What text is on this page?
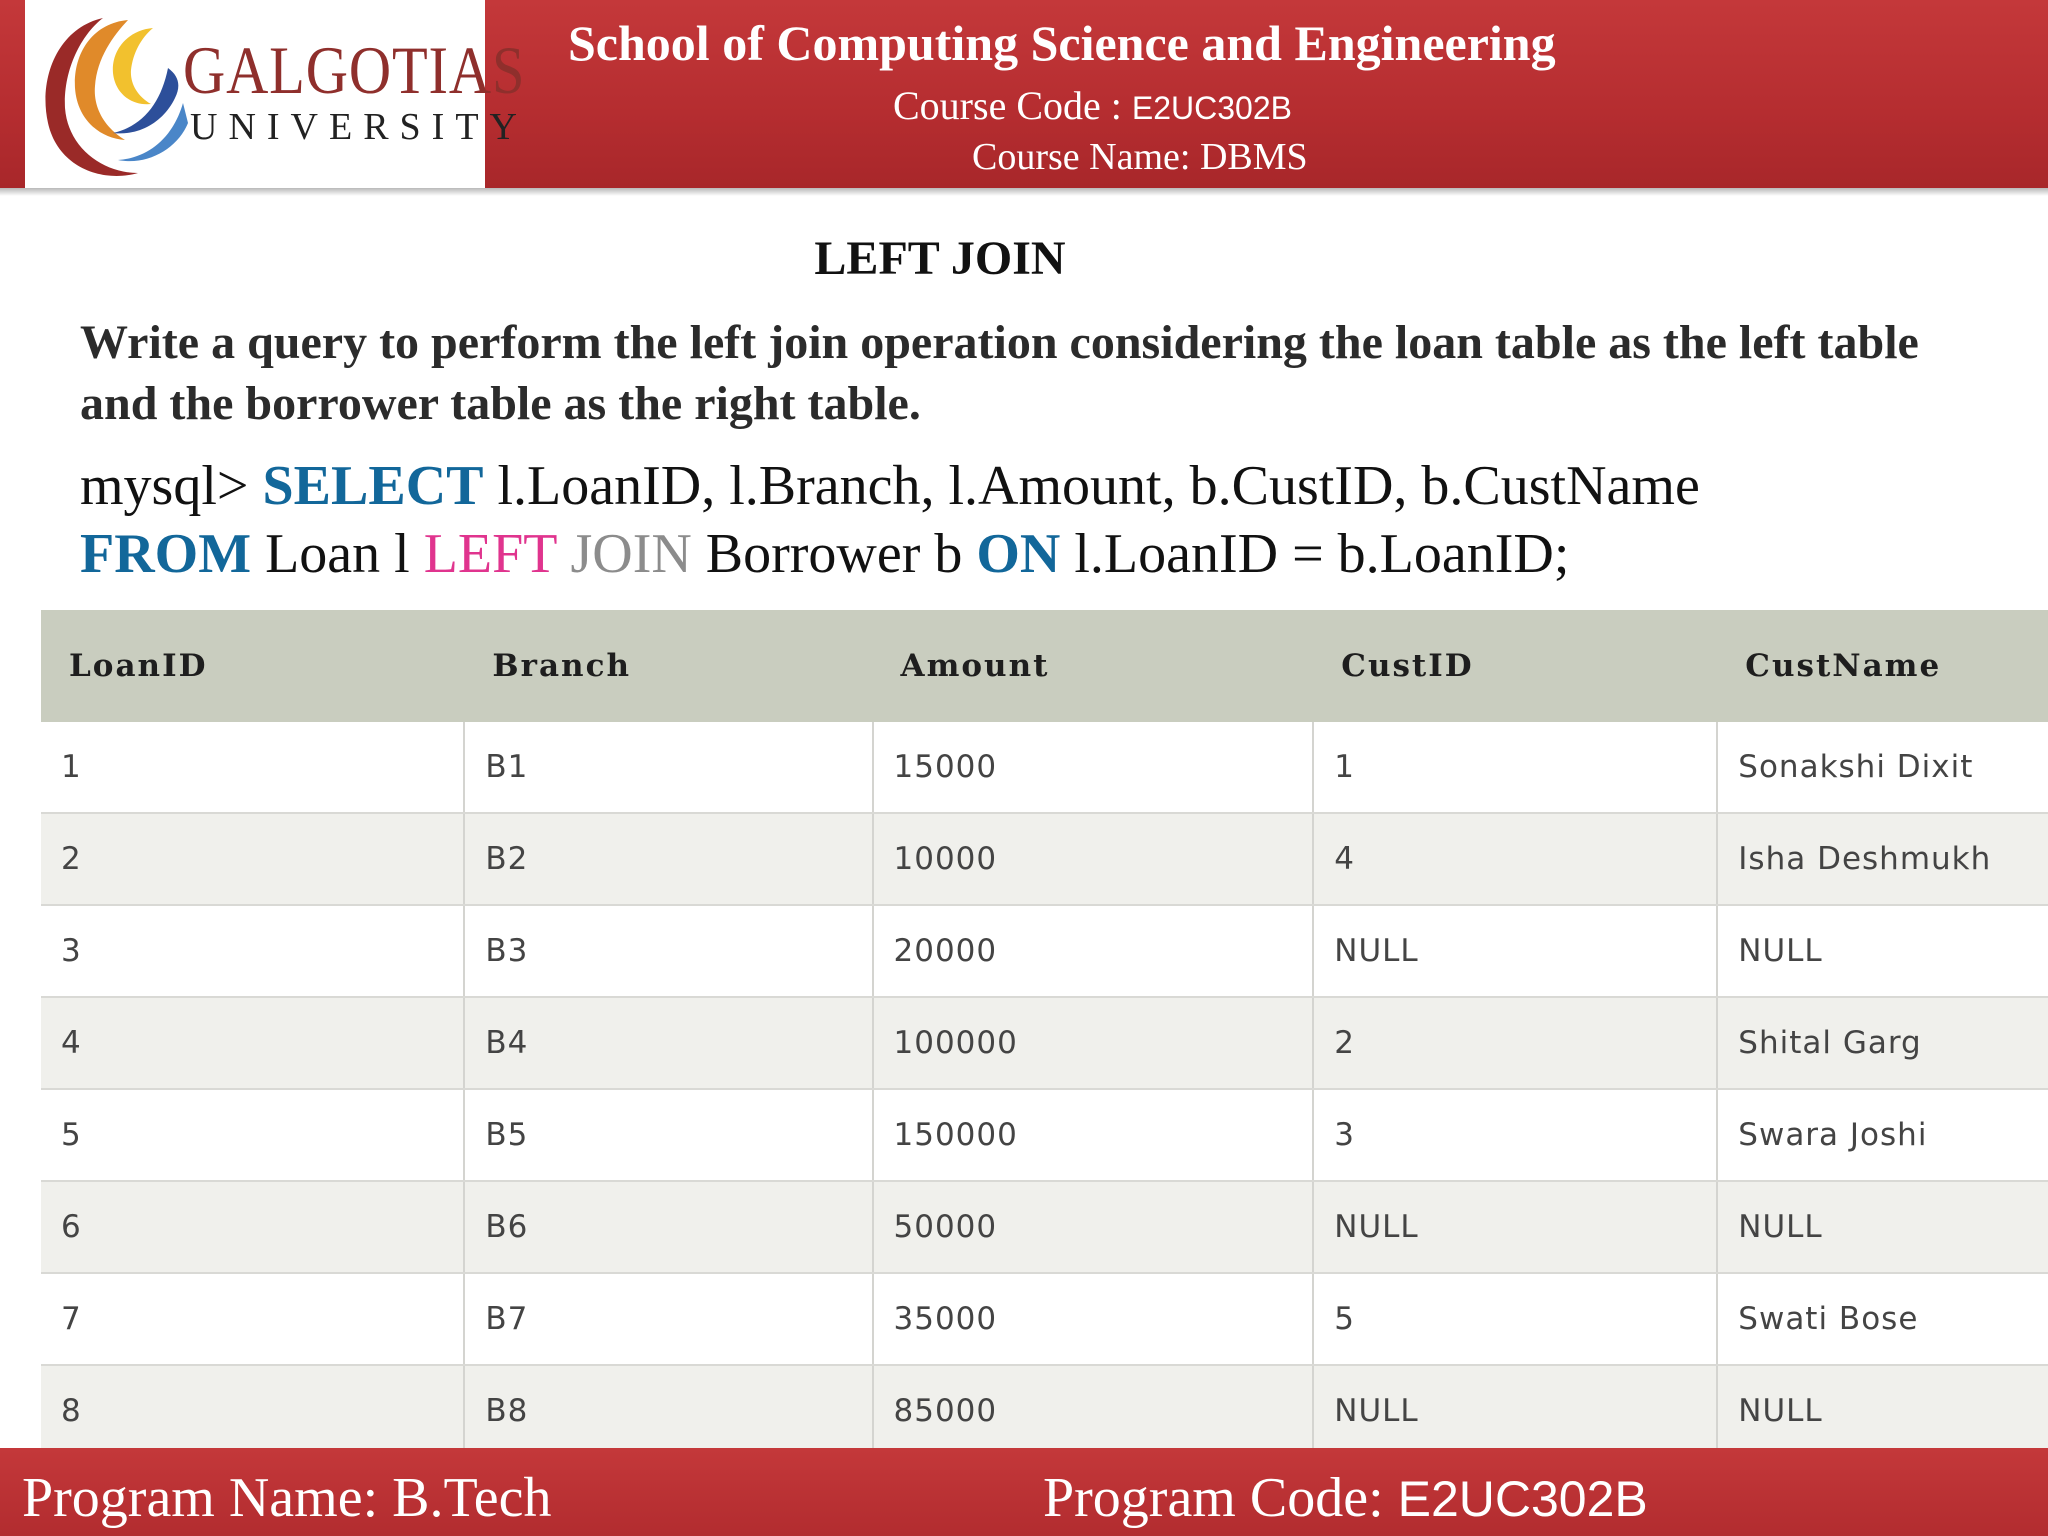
GALGOTIAS
UNIVERSITY
School of Computing Science and Engineering
Course Code : E2UC302B
Course Name: DBMS
LEFT JOIN
Write a query to perform the left join operation considering the loan table as the left table and the borrower table as the right table.
mysql> SELECT l.LoanID, l.Branch, l.Amount, b.CustID, b.CustName
FROM Loan l LEFT JOIN Borrower b ON l.LoanID = b.LoanID;
LoanID	Branch	Amount	CustID	CustName
1	B1	15000	1	Sonakshi Dixit
2	B2	10000	4	Isha Deshmukh
3	B3	20000	NULL	NULL
4	B4	100000	2	Shital Garg
5	B5	150000	3	Swara Joshi
6	B6	50000	NULL	NULL
7	B7	35000	5	Swati Bose
8	B8	85000	NULL	NULL
Program Name: B.Tech	Program Code: E2UC302B
